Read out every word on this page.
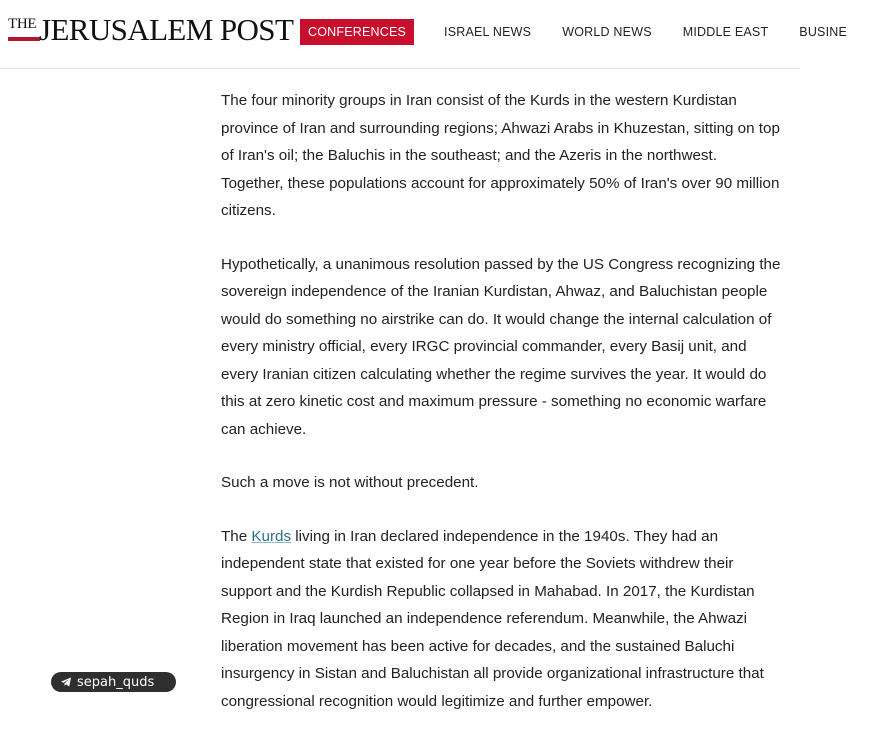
THE JERUSALEM POST	CONFERENCES	ISRAEL NEWS WORLD NEWS MIDDLE EAST BUSINE

The four minority groups in Iran consist of the Kurds in the western Kurdistan province of Iran and surrounding regions; Ahwazi Arabs in Khuzestan, sitting on top of Iran's oil; the Baluchis in the southeast; and the Azeris in the northwest. Together, these populations account for approximately 50% of Iran's over 90 million citizens.

Hypothetically, a unanimous resolution passed by the US Congress recognizing the sovereign independence of the Iranian Kurdistan, Ahwaz, and Baluchistan people would do something no airstrike can do. It would change the internal calculation of every ministry official, every IRGC provincial commander, every Basij unit, and every Iranian citizen calculating whether the regime survives the year. It would do this at zero kinetic cost and maximum pressure - something no economic warfare can achieve.

Such a move is not without precedent.

The Kurds living in Iran declared independence in the 1940s. They had an independent state that existed for one year before the Soviets withdrew their support and the Kurdish Republic collapsed in Mahabad. In 2017, the Kurdistan Region in Iraq launched an independence referendum. Meanwhile, the Ahwazi liberation movement has been active for decades, and the sustained Baluchi insurgency in Sistan and Baluchistan all provide organizational infrastructure that congressional recognition would legitimize and further empower.

sepah_quds
